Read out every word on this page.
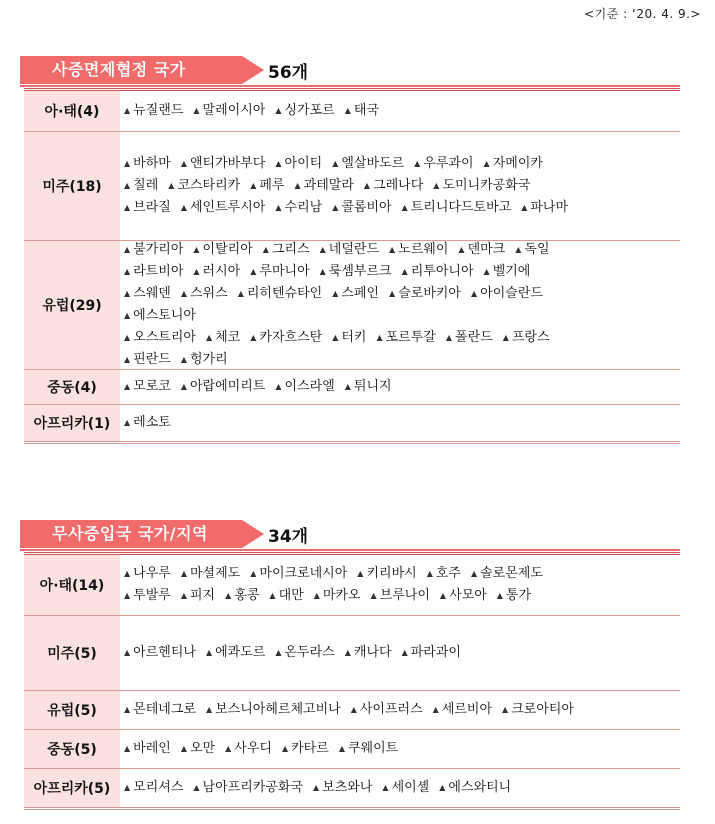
<기준 : ‘20. 4. 9.>
사증면제협정 국가	56개
아·태(4)	▲ 뉴질랜드 ▲ 말레이시아 ▲ 싱가포르 ▲ 태국
미주(18)
▲ 바하마 ▲ 앤티가바부다 ▲ 아이티 ▲ 엘살바도르 ▲ 우루과이 ▲ 자메이카
▲ 칠레 ▲ 코스타리카 ▲ 페루 ▲ 과테말라 ▲ 그레나다 ▲ 도미니카공화국
▲ 브라질 ▲ 세인트루시아 ▲ 수리남 ▲ 콜롬비아 ▲ 트리니다드토바고 ▲ 파나마
유럽(29)
▲ 불가리아 ▲ 이탈리아 ▲ 그리스 ▲ 네덜란드 ▲ 노르웨이 ▲ 덴마크 ▲ 독일
▲ 라트비아 ▲ 러시아 ▲ 루마니아 ▲ 룩셈부르크 ▲ 리투아니아 ▲ 벨기에
▲ 스웨덴 ▲ 스위스 ▲ 리히텐슈타인 ▲ 스페인 ▲ 슬로바키아 ▲ 아이슬란드
▲ 에스토니아
▲ 오스트리아 ▲ 체코 ▲ 카자흐스탄 ▲ 터키 ▲ 포르투갈 ▲ 폴란드 ▲ 프랑스
▲ 핀란드 ▲ 헝가리
중동(4)	▲ 모로코 ▲ 아랍에미리트 ▲ 이스라엘 ▲ 튀니지
아프리카(1)	▲ 레소토
무사증입국 국가/지역	34개
아·태(14)
▲ 나우루 ▲ 마셜제도 ▲ 마이크로네시아 ▲ 키리바시 ▲ 호주 ▲ 솔로몬제도
▲ 투발루 ▲ 피지 ▲ 홍콩 ▲ 대만 ▲ 마카오 ▲ 브루나이 ▲ 사모아 ▲ 통가
미주(5)	▲ 아르헨티나 ▲ 에콰도르 ▲ 온두라스 ▲ 캐나다 ▲ 파라과이
유럽(5)	▲ 몬테네그로 ▲ 보스니아헤르체고비나 ▲ 사이프러스 ▲ 세르비아 ▲ 크로아티아
중동(5)	▲ 바레인 ▲ 오만 ▲ 사우디 ▲ 카타르 ▲ 쿠웨이트
아프리카(5)	▲ 모리셔스 ▲ 남아프리카공화국 ▲ 보츠와나 ▲ 세이셸 ▲ 에스와티니
